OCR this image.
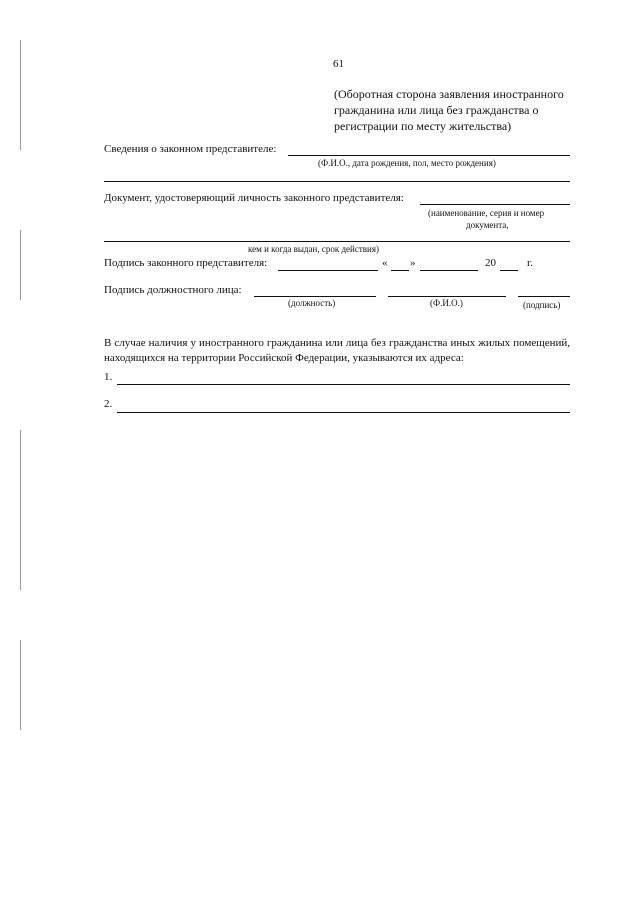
61
(Оборотная сторона заявления иностранного
гражданина или лица без гражданства о
регистрации по месту жительства)
Сведения о законном представителе:
(Ф.И.О., дата рождения, пол, место рождения)
Документ, удостоверяющий личность законного представителя:
(наименование, серия и номер
документа,
кем и когда выдан, срок действия)
Подпись законного представителя:	« »	20	г.
Подпись должностного лица:
(должность)	(Ф.И.О.)	(подпись)
В случае наличия у иностранного гражданина или лица без гражданства иных жилых помещений, находящихся на территории Российской Федерации, указываются их адреса:
1.
2.
